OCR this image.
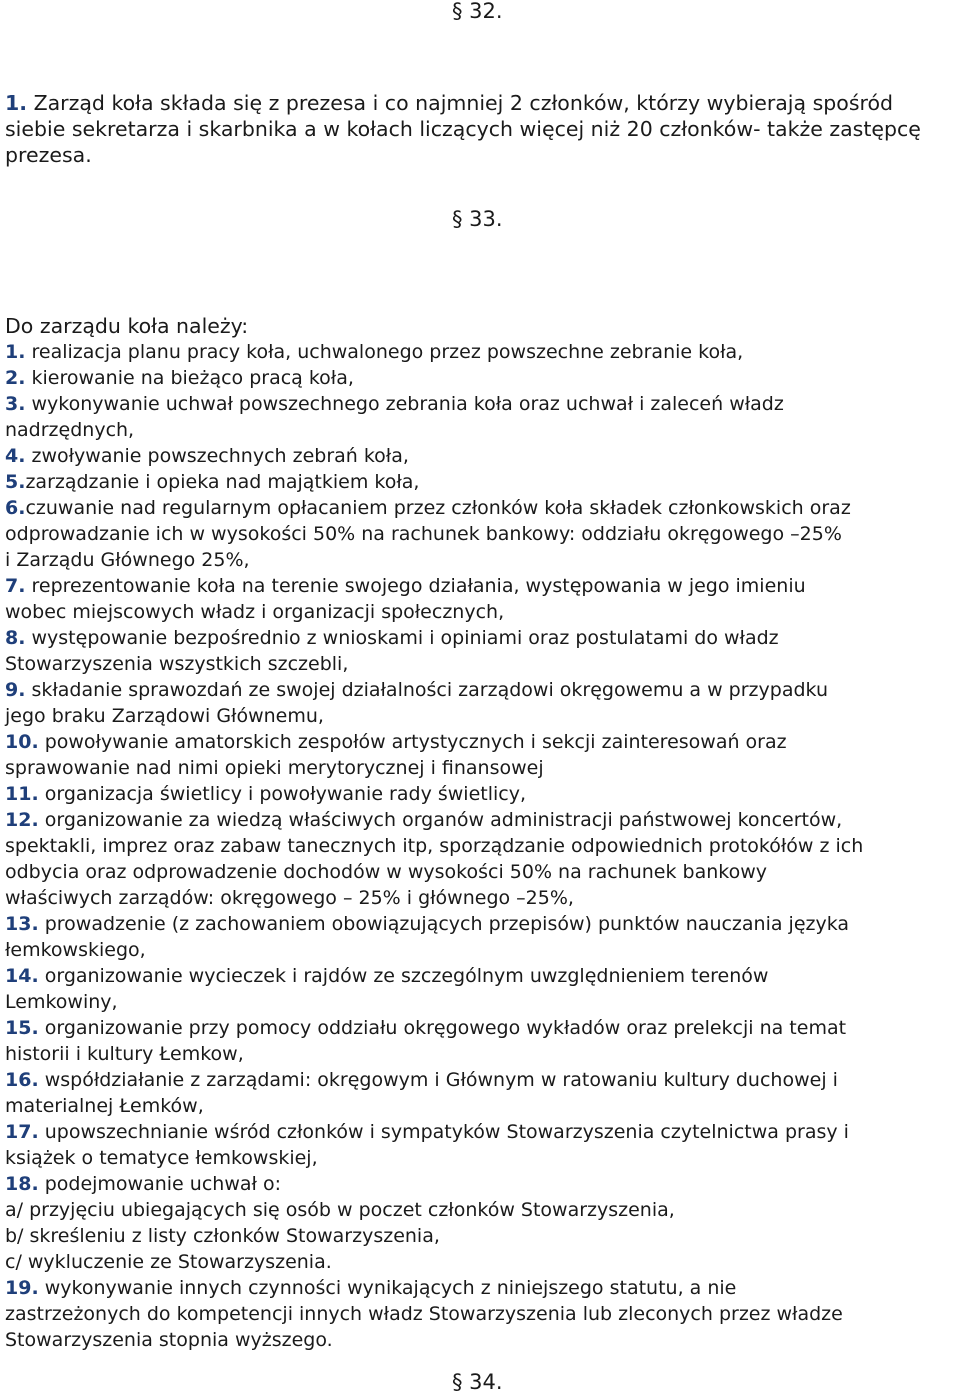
§ 32.
1. Zarząd koła składa się z prezesa i co najmniej 2 członków, którzy wybierają spośród
siebie sekretarza i skarbnika a w kołach liczących więcej niż 20 członków- także zastępcę
prezesa.
§ 33.
Do zarządu koła należy:
1. realizacja planu pracy koła, uchwalonego przez powszechne zebranie koła,
2. kierowanie na bieżąco pracą koła,
3. wykonywanie uchwał powszechnego zebrania koła oraz uchwał i zaleceń władz
nadrzędnych,
4. zwoływanie powszechnych zebrań koła,
5.zarządzanie i opieka nad majątkiem koła,
6.czuwanie nad regularnym opłacaniem przez członków koła składek członkowskich oraz
odprowadzanie ich w wysokości 50% na rachunek bankowy: oddziału okręgowego –25%
i Zarządu Głównego 25%,
7. reprezentowanie koła na terenie swojego działania, występowania w jego imieniu
wobec miejscowych władz i organizacji społecznych,
8. występowanie bezpośrednio z wnioskami i opiniami oraz postulatami do władz
Stowarzyszenia wszystkich szczebli,
9. składanie sprawozdań ze swojej działalności zarządowi okręgowemu a w przypadku
jego braku Zarządowi Głównemu,
10. powoływanie amatorskich zespołów artystycznych i sekcji zainteresowań oraz
sprawowanie nad nimi opieki merytorycznej i finansowej
11. organizacja świetlicy i powoływanie rady świetlicy,
12. organizowanie za wiedzą właściwych organów administracji państwowej koncertów,
spektakli, imprez oraz zabaw tanecznych itp, sporządzanie odpowiednich protokółów z ich
odbycia oraz odprowadzenie dochodów w wysokości 50% na rachunek bankowy
właściwych zarządów: okręgowego – 25% i głównego –25%,
13. prowadzenie (z zachowaniem obowiązujących przepisów) punktów nauczania języka
łemkowskiego,
14. organizowanie wycieczek i rajdów ze szczególnym uwzględnieniem terenów
Lemkowiny,
15. organizowanie przy pomocy oddziału okręgowego wykładów oraz prelekcji na temat
historii i kultury Łemkow,
16. współdziałanie z zarządami: okręgowym i Głównym w ratowaniu kultury duchowej i
materialnej Łemków,
17. upowszechnianie wśród członków i sympatyków Stowarzyszenia czytelnictwa prasy i
książek o tematyce łemkowskiej,
18. podejmowanie uchwał o:
a/ przyjęciu ubiegających się osób w poczet członków Stowarzyszenia,
b/ skreśleniu z listy członków Stowarzyszenia,
c/ wykluczenie ze Stowarzyszenia.
19. wykonywanie innych czynności wynikających z niniejszego statutu, a nie
zastrzeżonych do kompetencji innych władz Stowarzyszenia lub zleconych przez władze
Stowarzyszenia stopnia wyższego.
§ 34.
